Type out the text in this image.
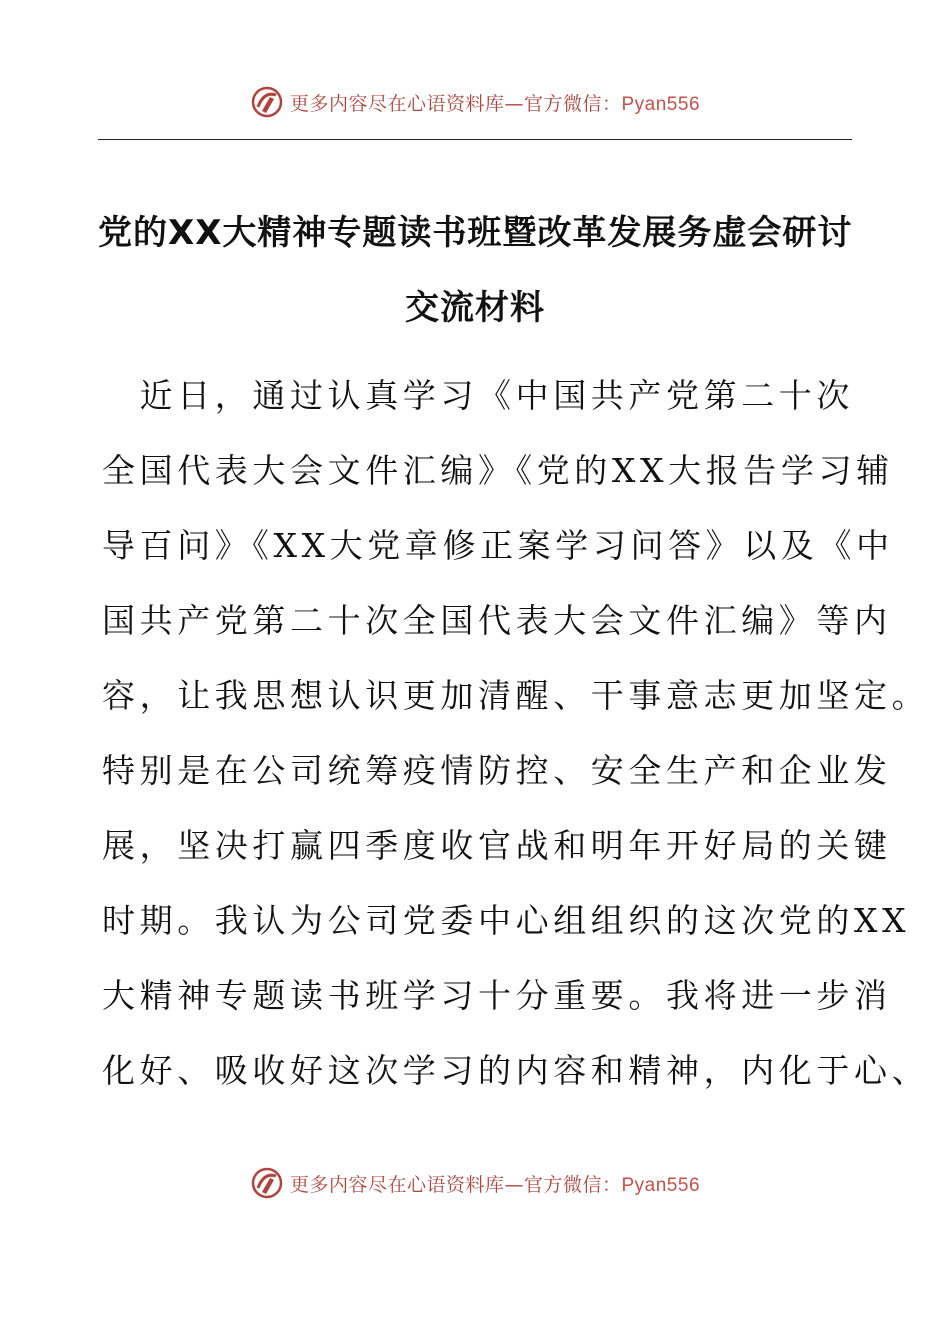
更多内容尽在心语资料库—官方微信：Pyan556
党的XX大精神专题读书班暨改革发展务虚会研讨
交流材料
　近日，通过认真学习《中国共产党第二十次
全国代表大会文件汇编》《党的XX大报告学习辅
导百问》《XX大党章修正案学习问答》以及《中
国共产党第二十次全国代表大会文件汇编》等内
容，让我思想认识更加清醒、干事意志更加坚定。
特别是在公司统筹疫情防控、安全生产和企业发
展，坚决打赢四季度收官战和明年开好局的关键
时期。我认为公司党委中心组组织的这次党的XX
大精神专题读书班学习十分重要。我将进一步消
化好、吸收好这次学习的内容和精神，内化于心、
更多内容尽在心语资料库—官方微信：Pyan556
